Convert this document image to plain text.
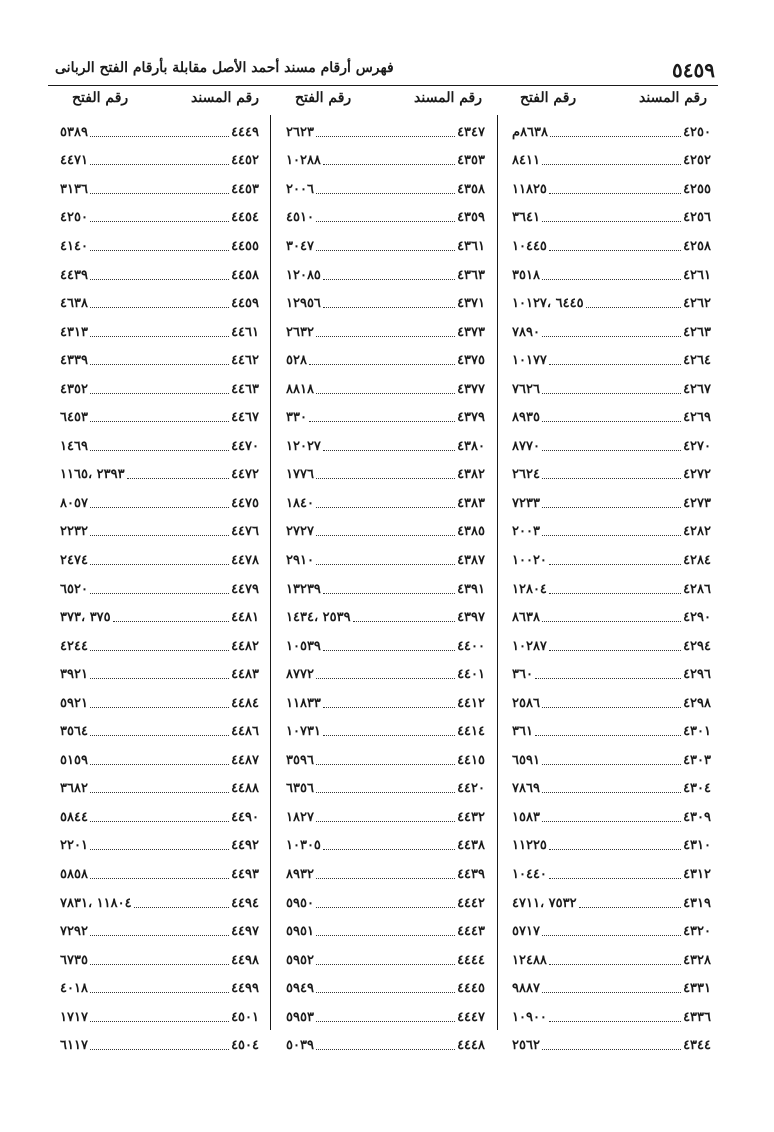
٥٤٥٩
فهرس أرقام مسند أحمد الأصل مقابلة بأرقام الفتح الربانى
رقم المسند
رقم الفتح
رقم المسند
رقم الفتح
رقم المسند
رقم الفتح
٤٢٥٠
٨٦٣٨م
٤٢٥٢
٨٤١١
٤٢٥٥
١١٨٢٥
٤٢٥٦
٣٦٤١
٤٢٥٨
١٠٤٤٥
٤٢٦١
٣٥١٨
٤٢٦٢
٦٤٤٥ ،١٠١٢٧
٤٢٦٣
٧٨٩٠
٤٢٦٤
١٠١٧٧
٤٢٦٧
٧٦٢٦
٤٢٦٩
٨٩٣٥
٤٢٧٠
٨٧٧٠
٤٢٧٢
٢٦٢٤
٤٢٧٣
٧٢٣٣
٤٢٨٢
٢٠٠٣
٤٢٨٤
١٠٠٢٠
٤٢٨٦
١٢٨٠٤
٤٢٩٠
٨٦٣٨
٤٢٩٤
١٠٢٨٧
٤٢٩٦
٣٦٠
٤٢٩٨
٢٥٨٦
٤٣٠١
٣٦١
٤٣٠٣
٦٥٩١
٤٣٠٤
٧٨٦٩
٤٣٠٩
١٥٨٣
٤٣١٠
١١٢٢٥
٤٣١٢
١٠٤٤٠
٤٣١٩
٧٥٣٢ ،٤٧١١
٤٣٢٠
٥٧١٧
٤٣٢٨
١٢٤٨٨
٤٣٣١
٩٨٨٧
٤٣٣٦
١٠٩٠٠
٤٣٤٤
٢٥٦٢
٤٣٤٧
٢٦٢٣
٤٣٥٣
١٠٢٨٨
٤٣٥٨
٢٠٠٦
٤٣٥٩
٤٥١٠
٤٣٦١
٣٠٤٧
٤٣٦٣
١٢٠٨٥
٤٣٧١
١٢٩٥٦
٤٣٧٣
٢٦٣٢
٤٣٧٥
٥٢٨
٤٣٧٧
٨٨١٨
٤٣٧٩
٣٣٠
٤٣٨٠
١٢٠٢٧
٤٣٨٢
١٧٧٦
٤٣٨٣
١٨٤٠
٤٣٨٥
٢٧٢٧
٤٣٨٧
٢٩١٠
٤٣٩١
١٣٢٣٩
٤٣٩٧
٢٥٣٩ ،١٤٣٤
٤٤٠٠
١٠٥٣٩
٤٤٠١
٨٧٧٢
٤٤١٢
١١٨٣٣
٤٤١٤
١٠٧٣١
٤٤١٥
٣٥٩٦
٤٤٢٠
٦٣٥٦
٤٤٣٢
١٨٢٧
٤٤٣٨
١٠٣٠٥
٤٤٣٩
٨٩٣٢
٤٤٤٢
٥٩٥٠
٤٤٤٣
٥٩٥١
٤٤٤٤
٥٩٥٢
٤٤٤٥
٥٩٤٩
٤٤٤٧
٥٩٥٣
٤٤٤٨
٥٠٣٩
٤٤٤٩
٥٣٨٩
٤٤٥٢
٤٤٧١
٤٤٥٣
٣١٣٦
٤٤٥٤
٤٢٥٠
٤٤٥٥
٤١٤٠
٤٤٥٨
٤٤٣٩
٤٤٥٩
٤٦٣٨
٤٤٦١
٤٣١٣
٤٤٦٢
٤٣٣٩
٤٤٦٣
٤٣٥٢
٤٤٦٧
٦٤٥٣
٤٤٧٠
١٤٦٩
٤٤٧٢
٢٣٩٣ ،١١٦٥
٤٤٧٥
٨٠٥٧
٤٤٧٦
٢٢٣٢
٤٤٧٨
٢٤٧٤
٤٤٧٩
٦٥٢٠
٤٤٨١
٣٧٥ ،٣٧٣
٤٤٨٢
٤٢٤٤
٤٤٨٣
٣٩٢١
٤٤٨٤
٥٩٢١
٤٤٨٦
٣٥٦٤
٤٤٨٧
٥١٥٩
٤٤٨٨
٣٦٨٢
٤٤٩٠
٥٨٤٤
٤٤٩٢
٢٢٠١
٤٤٩٣
٥٨٥٨
٤٤٩٤
١١٨٠٤ ،٧٨٣١
٤٤٩٧
٧٢٩٢
٤٤٩٨
٦٧٣٥
٤٤٩٩
٤٠١٨
٤٥٠١
١٧١٧
٤٥٠٤
٦١١٧
